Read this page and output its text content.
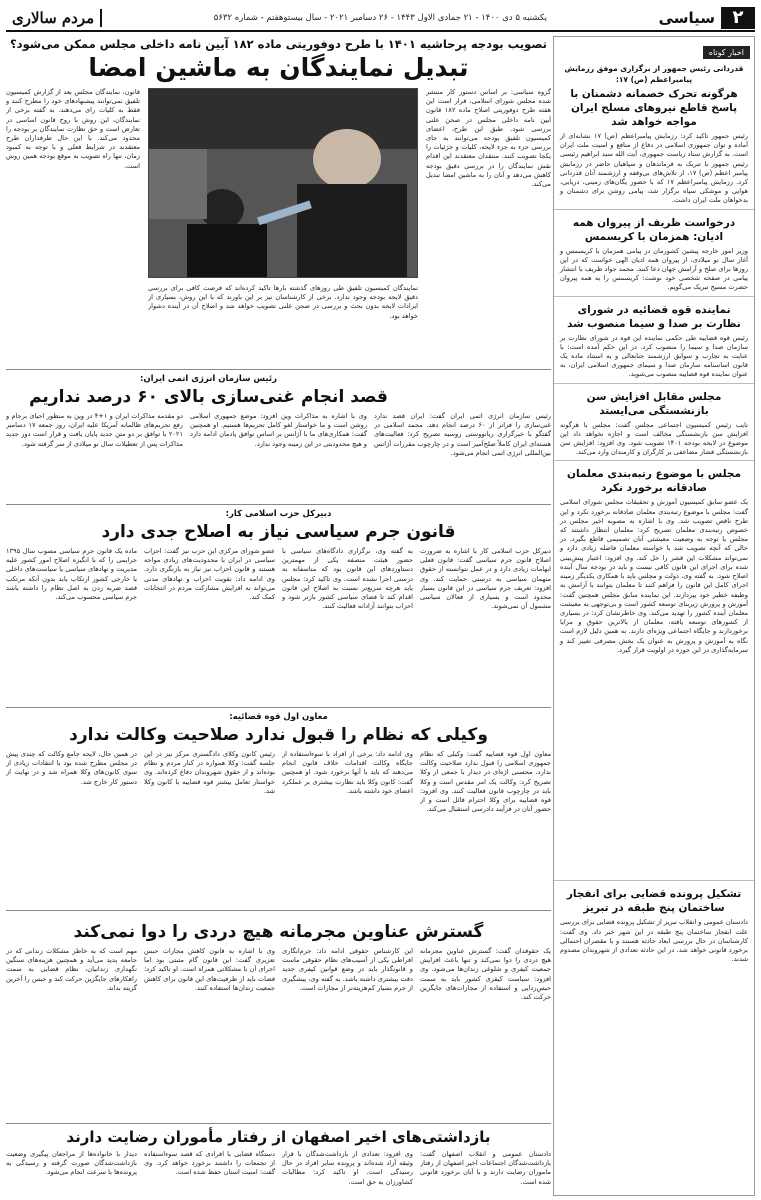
۲
سیاسی
یکشنبه ۵ دی ۱۴۰۰ - ۲۱ جمادی الاول ۱۴۴۳ - ۲۶ دسامبر ۲۰۲۱ - سال بیستوهفتم - شماره ۵۶۳۲
مردم سالاری
اخبار کوتاه
قدردانی رئیس جمهور از برگزاری موفق رزمایش پیامبراعظم (ص) ۱۷:
هرگونه تحرک خصمانه دشمنان با پاسخ قاطع نیروهای مسلح ایران مواجه خواهد شد
رئیس جمهور تاکید کرد: رزمایش پیامبراعظم (ص) ۱۷ نشانه‌ای از آماده و توان جمهوری اسلامی در دفاع از منافع و امنیت ملت ایران است. به گزارش ستاد ریاست جمهوری، آیت الله سید ابراهیم رئیسی رئیس جمهور با تبریک به فرماندهان و سپاهیان حاضر در رزمایش پیامبر اعظم (ص) ۱۷، از تلاش‌های بی‌وقفه و ارزشمند آنان قدردانی کرد. رزمایش پیامبراعظم ۱۷ که با حضور یگان‌های زمینی، دریایی، هوایی و موشکی سپاه برگزار شد، پیامی روشن برای دشمنان و بدخواهان ملت ایران داشت.
درخواست ظریف از پیروان همه ادیان: همزمان با کریسمس
وزیر امور خارجه پیشین کشورمان در پیامی همزمان با کریسمس و آغاز سال نو میلادی، از پیروان همه ادیان الهی خواست که در این روزها برای صلح و آرامش جهان دعا کنند. محمد جواد ظریف با انتشار پیامی در صفحه شخصی خود نوشت: کریسمس را به همه پیروان حضرت مسیح تبریک می‌گویم.
نماینده قوه قضائیه در شورای نظارت بر صدا و سیما منصوب شد
رئیس قوه قضاییه طی حکمی نماینده این قوه در شورای نظارت بر سازمان صدا و سیما را منصوب کرد. در این حکم آمده است: با عنایت به تجارب و سوابق ارزشمند جنابعالی و به استناد ماده یک قانون اساسنامه سازمان صدا و سیمای جمهوری اسلامی ایران، به عنوان نماینده قوه قضاییه منصوب می‌شوید.
مجلس مقابل افزایش سن بازنشستگی می‌ایستد
نایب رئیس کمیسیون اجتماعی مجلس گفت: مجلس با هرگونه افزایش سن بازنشستگی مخالف است و اجازه نخواهد داد این موضوع در لایحه بودجه ۱۴۰۱ تصویب شود. وی افزود: افزایش سن بازنشستگی فشار مضاعفی بر کارگران و کارمندان وارد می‌کند.
مجلس با موضوع رتبه‌بندی معلمان صادقانه برخورد نکرد
یک عضو سابق کمیسیون آموزش و تحقیقات مجلس شورای اسلامی گفت: مجلس با موضوع رتبه‌بندی معلمان صادقانه برخورد نکرد و این طرح ناقص تصویب شد. وی با اشاره به مصوبه اخیر مجلس در خصوص رتبه‌بندی معلمان تصریح کرد: معلمان انتظار داشتند که مجلس با توجه به وضعیت معیشتی آنان تصمیمی قاطع بگیرد. در حالی که آنچه تصویب شد با خواسته معلمان فاصله زیادی دارد و نمی‌تواند مشکلات این قشر را حل کند. وی افزود: اعتبار پیش‌بینی شده برای اجرای این قانون کافی نیست و باید در بودجه سال آینده اصلاح شود. به گفته وی، دولت و مجلس باید با همکاری یکدیگر زمینه اجرای کامل این قانون را فراهم کنند تا معلمان بتوانند با آرامش به وظیفه خطیر خود بپردازند. این نماینده سابق مجلس همچنین گفت: آموزش و پرورش زیربنای توسعه کشور است و بی‌توجهی به معیشت معلمان آینده کشور را تهدید می‌کند. وی خاطرنشان کرد: در بسیاری از کشورهای توسعه یافته، معلمان از بالاترین حقوق و مزایا برخوردارند و جایگاه اجتماعی ویژه‌ای دارند. به همین دلیل لازم است نگاه به آموزش و پرورش به عنوان یک بخش مصرفی تغییر کند و سرمایه‌گذاری در این حوزه در اولویت قرار گیرد.
تشکیل پرونده قضایی برای انفجار ساختمان پنج طبقه در تبریز
دادستان عمومی و انقلاب تبریز از تشکیل پرونده قضایی برای بررسی علت انفجار ساختمان پنج طبقه در این شهر خبر داد. وی گفت: کارشناسان در حال بررسی ابعاد حادثه هستند و با مقصران احتمالی برخورد قانونی خواهد شد. در این حادثه تعدادی از شهروندان مصدوم شدند.
تصویب بودجه پرحاشیه ۱۴۰۱ با طرح دوفوریتی ماده ۱۸۲ آیین نامه داخلی مجلس ممکن می‌شود؟
تبدیل نمایندگان به ماشین امضا
گروه سیاسی: بر اساس دستور کار منتشر شده مجلس شورای اسلامی، قرار است این هفته طرح دوفوریتی اصلاح ماده ۱۸۲ قانون آیین نامه داخلی مجلس در صحن علنی بررسی شود. طبق این طرح، اعضای کمیسیون تلفیق بودجه می‌توانند به جای بررسی جزء به جزء لایحه، کلیات و جزئیات را یکجا تصویب کنند. منتقدان معتقدند این اقدام نقش نمایندگان را در بررسی دقیق بودجه کاهش می‌دهد و آنان را به ماشین امضا تبدیل می‌کند.
نمایندگان کمیسیون تلفیق طی روزهای گذشته بارها تاکید کرده‌اند که فرصت کافی برای بررسی دقیق لایحه بودجه وجود ندارد. برخی از کارشناسان نیز بر این باورند که با این روش، بسیاری از ایرادات لایحه بدون بحث و بررسی در صحن علنی تصویب خواهد شد و اصلاح آن در آینده دشوار خواهد بود.
قانون، نمایندگان مجلس بعد از گزارش کمیسیون تلفیق نمی‌توانند پیشنهادهای خود را مطرح کنند و فقط به کلیات رای می‌دهند. به گفته برخی از نمایندگان، این روش با روح قانون اساسی در تعارض است و حق نظارت نمایندگان بر بودجه را محدود می‌کند. با این حال طرفداران طرح معتقدند در شرایط فعلی و با توجه به کمبود زمان، تنها راه تصویب به موقع بودجه همین روش است.
رئیس سازمان انرژی اتمی ایران:
قصد انجام غنی‌سازی بالای ۶۰ درصد نداریم
رئیس سازمان انرژی اتمی ایران گفت: ایران قصد ندارد غنی‌سازی را فراتر از ۶۰ درصد انجام دهد. محمد اسلامی در گفتگو با خبرگزاری ریانووستی روسیه تصریح کرد: فعالیت‌های هسته‌ای ایران کاملاً صلح‌آمیز است و در چارچوب مقررات آژانس بین‌المللی انرژی اتمی انجام می‌شود.
وی با اشاره به مذاکرات وین افزود: موضع جمهوری اسلامی روشن است و ما خواستار لغو کامل تحریم‌ها هستیم. او همچنین گفت: همکاری‌های ما با آژانس بر اساس توافق پادمان ادامه دارد و هیچ محدودیتی در این زمینه وجود ندارد.
دو مقدمه مذاکرات ایران و ۱+۴ در وین به منظور احیای برجام و رفع تحریم‌های ظالمانه آمریکا علیه ایران، روز جمعه ۱۷ دسامبر ۲۰۲۱ با توافق بر دو متن جدید پایان یافت و قرار است دور جدید مذاکرات پس از تعطیلات سال نو میلادی از سر گرفته شود.
دبیرکل حزب اسلامی کار:
قانون جرم سیاسی نیاز به اصلاح جدی دارد
دبیرکل حزب اسلامی کار با اشاره به ضرورت اصلاح قانون جرم سیاسی گفت: قانون فعلی ابهامات زیادی دارد و در عمل نتوانسته از حقوق متهمان سیاسی به درستی حمایت کند. وی افزود: تعریف جرم سیاسی در این قانون بسیار محدود است و بسیاری از فعالان سیاسی مشمول آن نمی‌شوند.
به گفته وی، برگزاری دادگاه‌های سیاسی با حضور هیئت منصفه یکی از مهمترین دستاوردهای این قانون بود که متاسفانه به درستی اجرا نشده است. وی تاکید کرد: مجلس باید هرچه سریع‌تر نسبت به اصلاح این قانون اقدام کند تا فضای سیاسی کشور بازتر شود و احزاب بتوانند آزادانه فعالیت کنند.
عضو شورای مرکزی این حزب نیز گفت: احزاب سیاسی در ایران با محدودیت‌های زیادی مواجه هستند و قانون احزاب نیز نیاز به بازنگری دارد. وی ادامه داد: تقویت احزاب و نهادهای مدنی می‌تواند به افزایش مشارکت مردم در انتخابات کمک کند.
ماده یک قانون جرم سیاسی مصوب سال ۱۳۹۵ جرایمی را که با انگیزه اصلاح امور کشور علیه مدیریت و نهادهای سیاسی یا سیاست‌های داخلی یا خارجی کشور ارتکاب یابد بدون آنکه مرتکب قصد ضربه زدن به اصل نظام را داشته باشد جرم سیاسی محسوب می‌کند.
معاون اول قوه قضائیه:
وکیلی که نظام را قبول ندارد صلاحیت وکالت ندارد
معاون اول قوه قضاییه گفت: وکیلی که نظام جمهوری اسلامی را قبول ندارد صلاحیت وکالت ندارد. محسنی اژه‌ای در دیدار با جمعی از وکلا تصریح کرد: وکالت یک امر مقدس است و وکلا باید در چارچوب قانون فعالیت کنند. وی افزود: قوه قضاییه برای وکلا احترام قائل است و از حضور آنان در فرآیند دادرسی استقبال می‌کند.
وی ادامه داد: برخی از افراد با سوءاستفاده از جایگاه وکالت اقدامات خلاف قانون انجام می‌دهند که باید با آنها برخورد شود. او همچنین گفت: کانون وکلا باید نظارت بیشتری بر عملکرد اعضای خود داشته باشد.
رئیس کانون وکلای دادگستری مرکز نیز در این جلسه گفت: وکلا همواره در کنار مردم و نظام بوده‌اند و از حقوق شهروندان دفاع کرده‌اند. وی خواستار تعامل بیشتر قوه قضاییه با کانون وکلا شد.
در همین حال، لایحه جامع وکالت که چندی پیش در مجلس مطرح شده بود با انتقادات زیادی از سوی کانون‌های وکلا همراه شد و در نهایت از دستور کار خارج شد.
گسترش عناوین مجرمانه هیچ دردی را دوا نمی‌کند
یک حقوقدان گفت: گسترش عناوین مجرمانه هیچ دردی را دوا نمی‌کند و تنها باعث افزایش جمعیت کیفری و شلوغی زندان‌ها می‌شود. وی افزود: سیاست کیفری کشور باید به سمت حبس‌زدایی و استفاده از مجازات‌های جایگزین حرکت کند.
این کارشناس حقوقی ادامه داد: جرم‌انگاری افراطی یکی از آسیب‌های نظام حقوقی ماست و قانونگذار باید در وضع قوانین کیفری جدید دقت بیشتری داشته باشد. به گفته وی، پیشگیری از جرم بسیار کم‌هزینه‌تر از مجازات است.
وی با اشاره به قانون کاهش مجازات حبس تعزیری گفت: این قانون گام مثبتی بود اما اجرای آن با مشکلاتی همراه است. او تاکید کرد: قضات باید از ظرفیت‌های این قانون برای کاهش جمعیت زندان‌ها استفاده کنند.
مهم است که به خاطر مشکلات زندانی که در جامعه پدید می‌آید و همچنین هزینه‌های سنگین نگهداری زندانیان، نظام قضایی به سمت راهکارهای جایگزین حرکت کند و حبس را آخرین گزینه بداند.
بازداشتی‌های اخیر اصفهان از رفتار مأموران رضایت دارند
دادستان عمومی و انقلاب اصفهان گفت: بازداشت‌شدگان اجتماعات اخیر اصفهان از رفتار ماموران رضایت دارند و با آنان برخورد قانونی شده است.
وی افزود: تعدادی از بازداشت‌شدگان با قرار وثیقه آزاد شده‌اند و پرونده سایر افراد در حال رسیدگی است. او تاکید کرد: مطالبات کشاورزان به حق است.
دستگاه قضایی با افرادی که قصد سوءاستفاده از تجمعات را داشتند برخورد خواهد کرد. وی گفت: امنیت استان حفظ شده است.
دیدار با خانواده‌ها از مراجعان پیگیری وضعیت بازداشت‌شدگان صورت گرفته و رسیدگی به پرونده‌ها با سرعت انجام می‌شود.
